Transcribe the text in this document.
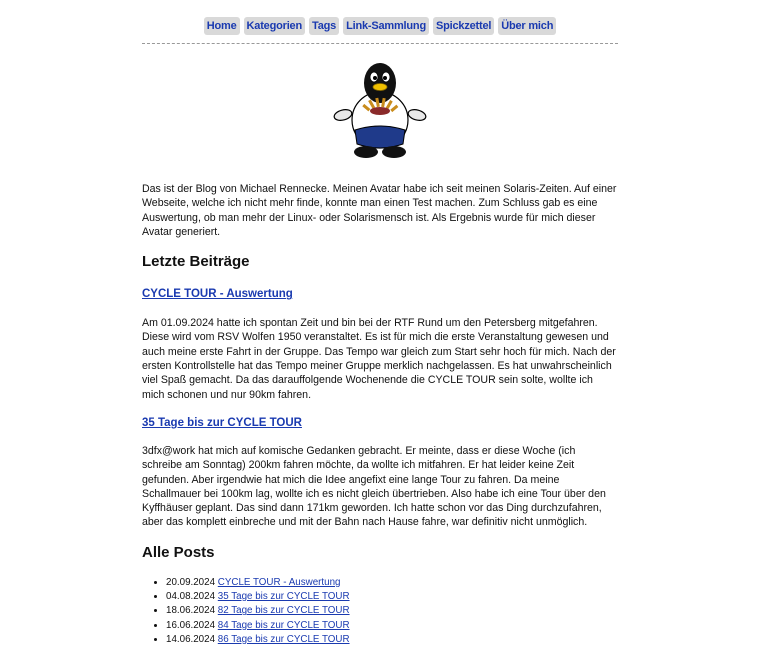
Home Kategorien Tags Link-Sammlung Spickzettel Über mich

Das ist der Blog von Michael Rennecke. Meinen Avatar habe ich seit meinen Solaris-Zeiten. Auf einer Webseite, welche ich nicht mehr finde, konnte man einen Test machen. Zum Schluss gab es eine Auswertung, ob man mehr der Linux- oder Solarismensch ist. Als Ergebnis wurde für mich dieser Avatar generiert.

Letzte Beiträge
CYCLE TOUR - Auswertung

Am 01.09.2024 hatte ich spontan Zeit und bin bei der RTF Rund um den Petersberg mitgefahren. Diese wird vom RSV Wolfen 1950 veranstaltet. Es ist für mich die erste Veranstaltung gewesen und auch meine erste Fahrt in der Gruppe. Das Tempo war gleich zum Start sehr hoch für mich. Nach der ersten Kontrollstelle hat das Tempo meiner Gruppe merklich nachgelassen. Es hat unwahrscheinlich viel Spaß gemacht. Da das darauffolgende Wochenende die CYCLE TOUR sein solte, wollte ich mich schonen und nur 90km fahren.

35 Tage bis zur CYCLE TOUR

3dfx@work hat mich auf komische Gedanken gebracht. Er meinte, dass er diese Woche (ich schreibe am Sonntag) 200km fahren möchte, da wollte ich mitfahren. Er hat leider keine Zeit gefunden. Aber irgendwie hat mich die Idee angefixt eine lange Tour zu fahren. Da meine Schallmauer bei 100km lag, wollte ich es nicht gleich übertrieben. Also habe ich eine Tour über den Kyffhäuser geplant. Das sind dann 171km geworden. Ich hatte schon vor das Ding durchzufahren, aber das komplett einbreche und mit der Bahn nach Hause fahre, war definitiv nicht unmöglich.

Alle Posts
• 20.09.2024 CYCLE TOUR - Auswertung
• 04.08.2024 35 Tage bis zur CYCLE TOUR
• 18.06.2024 82 Tage bis zur CYCLE TOUR
• 16.06.2024 84 Tage bis zur CYCLE TOUR
• 14.06.2024 86 Tage bis zur CYCLE TOUR
